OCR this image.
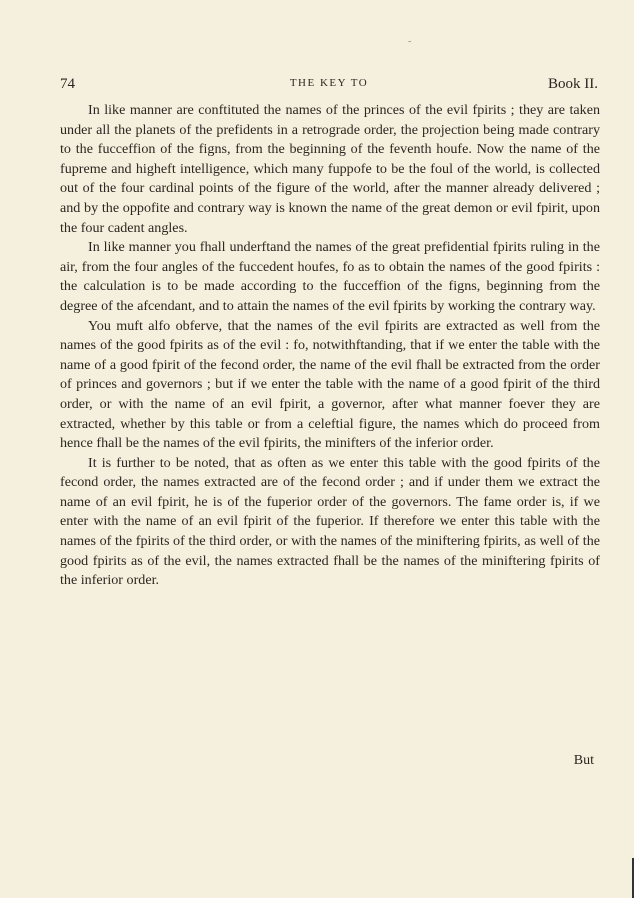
˜
74	THE KEY TO	Book II.

In like manner are conftituted the names of the princes of the evil fpirits ; they are taken under all the planets of the prefidents in a retrograde order, the projection being made contrary to the fucceffion of the figns, from the beginning of the feventh houfe. Now the name of the fupreme and higheft intelligence, which many fuppofe to be the foul of the world, is collected out of the four cardinal points of the figure of the world, after the manner already delivered ; and by the oppofite and contrary way is known the name of the great demon or evil fpirit, upon the four cadent angles.

In like manner you fhall underftand the names of the great prefidential fpirits ruling in the air, from the four angles of the fuccedent houfes, fo as to obtain the names of the good fpirits : the calculation is to be made according to the fucceffion of the figns, beginning from the degree of the afcendant, and to attain the names of the evil fpirits by working the contrary way.

You muft alfo obferve, that the names of the evil fpirits are extracted as well from the names of the good fpirits as of the evil : fo, notwithftanding, that if we enter the table with the name of a good fpirit of the fecond order, the name of the evil fhall be extracted from the order of princes and governors ; but if we enter the table with the name of a good fpirit of the third order, or with the name of an evil fpirit, a governor, after what manner foever they are extracted, whether by this table or from a celeftial figure, the names which do proceed from hence fhall be the names of the evil fpirits, the minifters of the inferior order.

It is further to be noted, that as often as we enter this table with the good fpirits of the fecond order, the names extracted are of the fecond order ; and if under them we extract the name of an evil fpirit, he is of the fuperior order of the governors. The fame order is, if we enter with the name of an evil fpirit of the fuperior. If therefore we enter this table with the names of the fpirits of the third order, or with the names of the miniftering fpirits, as well of the good fpirits as of the evil, the names extracted fhall be the names of the miniftering fpirits of the inferior order.

But
